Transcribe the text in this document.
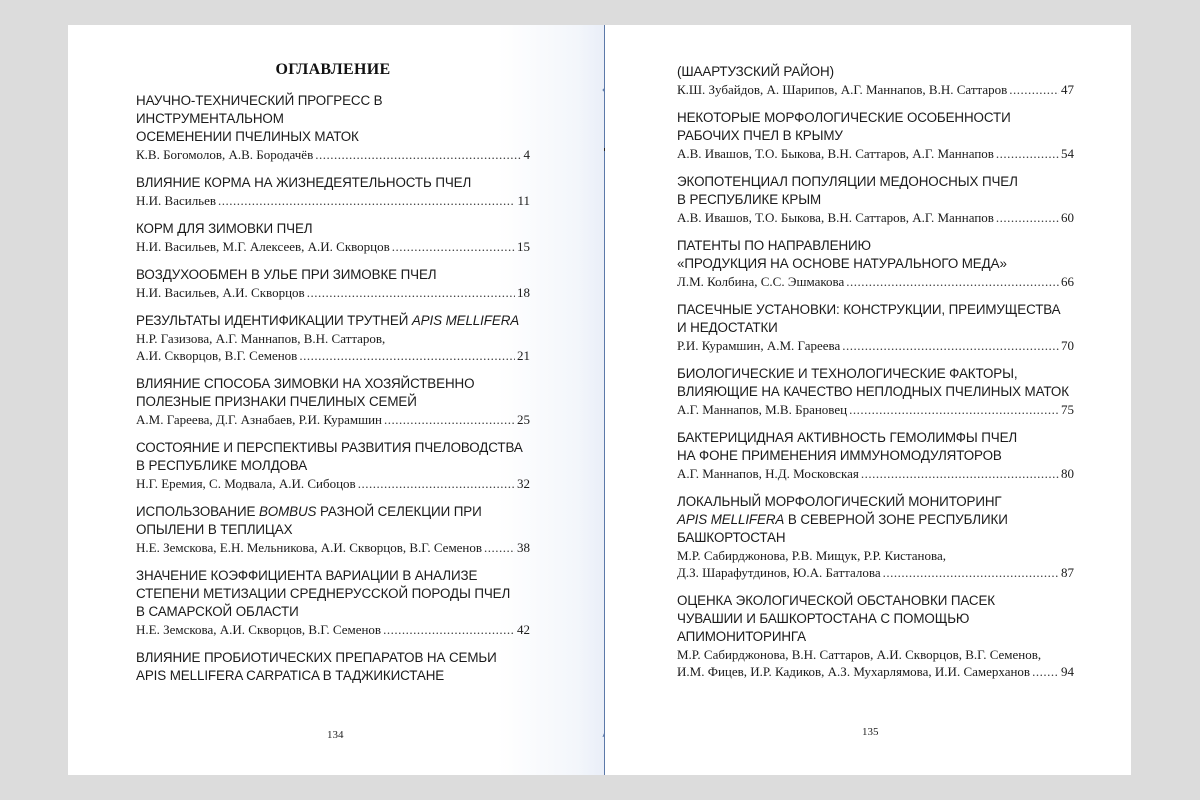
ОГЛАВЛЕНИЕ
НАУЧНО-ТЕХНИЧЕСКИЙ ПРОГРЕСС В ИНСТРУМЕНТАЛЬНОМ
ОСЕМЕНЕНИИ ПЧЕЛИНЫХ МАТОК
К.В. Богомолов, А.В. Бородачёв .....	4
ВЛИЯНИЕ КОРМА НА ЖИЗНЕДЕЯТЕЛЬНОСТЬ ПЧЕЛ
Н.И. Васильев .....	11
КОРМ ДЛЯ ЗИМОВКИ ПЧЕЛ
Н.И. Васильев, М.Г. Алексеев, А.И. Скворцов .....	15
ВОЗДУХООБМЕН В УЛЬЕ ПРИ ЗИМОВКЕ ПЧЕЛ
Н.И. Васильев, А.И. Скворцов .....	18
РЕЗУЛЬТАТЫ ИДЕНТИФИКАЦИИ ТРУТНЕЙ APIS MELLIFERA
Н.Р. Газизова, А.Г. Маннапов, В.Н. Саттаров,
А.И. Скворцов, В.Г. Семенов .....	21
ВЛИЯНИЕ СПОСОБА ЗИМОВКИ НА ХОЗЯЙСТВЕННО
ПОЛЕЗНЫЕ ПРИЗНАКИ ПЧЕЛИНЫХ СЕМЕЙ
А.М. Гареева, Д.Г. Азнабаев, Р.И. Курамшин .....	25
СОСТОЯНИЕ И ПЕРСПЕКТИВЫ РАЗВИТИЯ ПЧЕЛОВОДСТВА
В РЕСПУБЛИКЕ МОЛДОВА
Н.Г. Еремия, С. Модвала, А.И. Сибоцов .....	32
ИСПОЛЬЗОВАНИЕ BOMBUS РАЗНОЙ СЕЛЕКЦИИ ПРИ
ОПЫЛЕНИ В ТЕПЛИЦАХ
Н.Е. Земскова, Е.Н. Мельникова, А.И. Скворцов, В.Г. Семенов .....	38
ЗНАЧЕНИЕ КОЭФФИЦИЕНТА ВАРИАЦИИ В АНАЛИЗЕ
СТЕПЕНИ МЕТИЗАЦИИ СРЕДНЕРУССКОЙ ПОРОДЫ ПЧЕЛ
В САМАРСКОЙ ОБЛАСТИ
Н.Е. Земскова, А.И. Скворцов, В.Г. Семенов .....	42
ВЛИЯНИЕ ПРОБИОТИЧЕСКИХ ПРЕПАРАТОВ НА СЕМЬИ
APIS MELLIFERA CARPATICA В ТАДЖИКИСТАНЕ
134
(ШААРТУЗСКИЙ РАЙОН)
К.Ш. Зубайдов, А. Шарипов, А.Г. Маннапов, В.Н. Саттаров .....	47
НЕКОТОРЫЕ МОРФОЛОГИЧЕСКИЕ ОСОБЕННОСТИ
РАБОЧИХ ПЧЕЛ В КРЫМУ
А.В. Ивашов, Т.О. Быкова, В.Н. Саттаров, А.Г. Маннапов .....	54
ЭКОПОТЕНЦИАЛ ПОПУЛЯЦИИ МЕДОНОСНЫХ ПЧЕЛ
В РЕСПУБЛИКЕ КРЫМ
А.В. Ивашов, Т.О. Быкова, В.Н. Саттаров, А.Г. Маннапов .....	60
ПАТЕНТЫ ПО НАПРАВЛЕНИЮ
«ПРОДУКЦИЯ НА ОСНОВЕ НАТУРАЛЬНОГО МЕДА»
Л.М. Колбина, С.С. Эшмакова .....	66
ПАСЕЧНЫЕ УСТАНОВКИ: КОНСТРУКЦИИ, ПРЕИМУЩЕСТВА
И НЕДОСТАТКИ
Р.И. Курамшин, А.М. Гареева .....	70
БИОЛОГИЧЕСКИЕ И ТЕХНОЛОГИЧЕСКИЕ ФАКТОРЫ,
ВЛИЯЮЩИЕ НА КАЧЕСТВО НЕПЛОДНЫХ ПЧЕЛИНЫХ МАТОК
А.Г. Маннапов, М.В. Брановец .....	75
БАКТЕРИЦИДНАЯ АКТИВНОСТЬ ГЕМОЛИМФЫ ПЧЕЛ
НА ФОНЕ ПРИМЕНЕНИЯ ИММУНОМОДУЛЯТОРОВ
А.Г. Маннапов, Н.Д. Московская .....	80
ЛОКАЛЬНЫЙ МОРФОЛОГИЧЕСКИЙ МОНИТОРИНГ
APIS MELLIFERA В СЕВЕРНОЙ ЗОНЕ РЕСПУБЛИКИ
БАШКОРТОСТАН
М.Р. Сабирджонова, Р.В. Мищук, Р.Р. Кистанова,
Д.З. Шарафутдинов, Ю.А. Батталова .....	87
ОЦЕНКА ЭКОЛОГИЧЕСКОЙ ОБСТАНОВКИ ПАСЕК
ЧУВАШИИ И БАШКОРТОСТАНА С ПОМОЩЬЮ
АПИМОНИТОРИНГА
М.Р. Сабирджонова, В.Н. Саттаров, А.И. Скворцов, В.Г. Семенов,
И.М. Фицев, И.Р. Кадиков, А.З. Мухарлямова, И.И. Самерханов ..... 94
135
